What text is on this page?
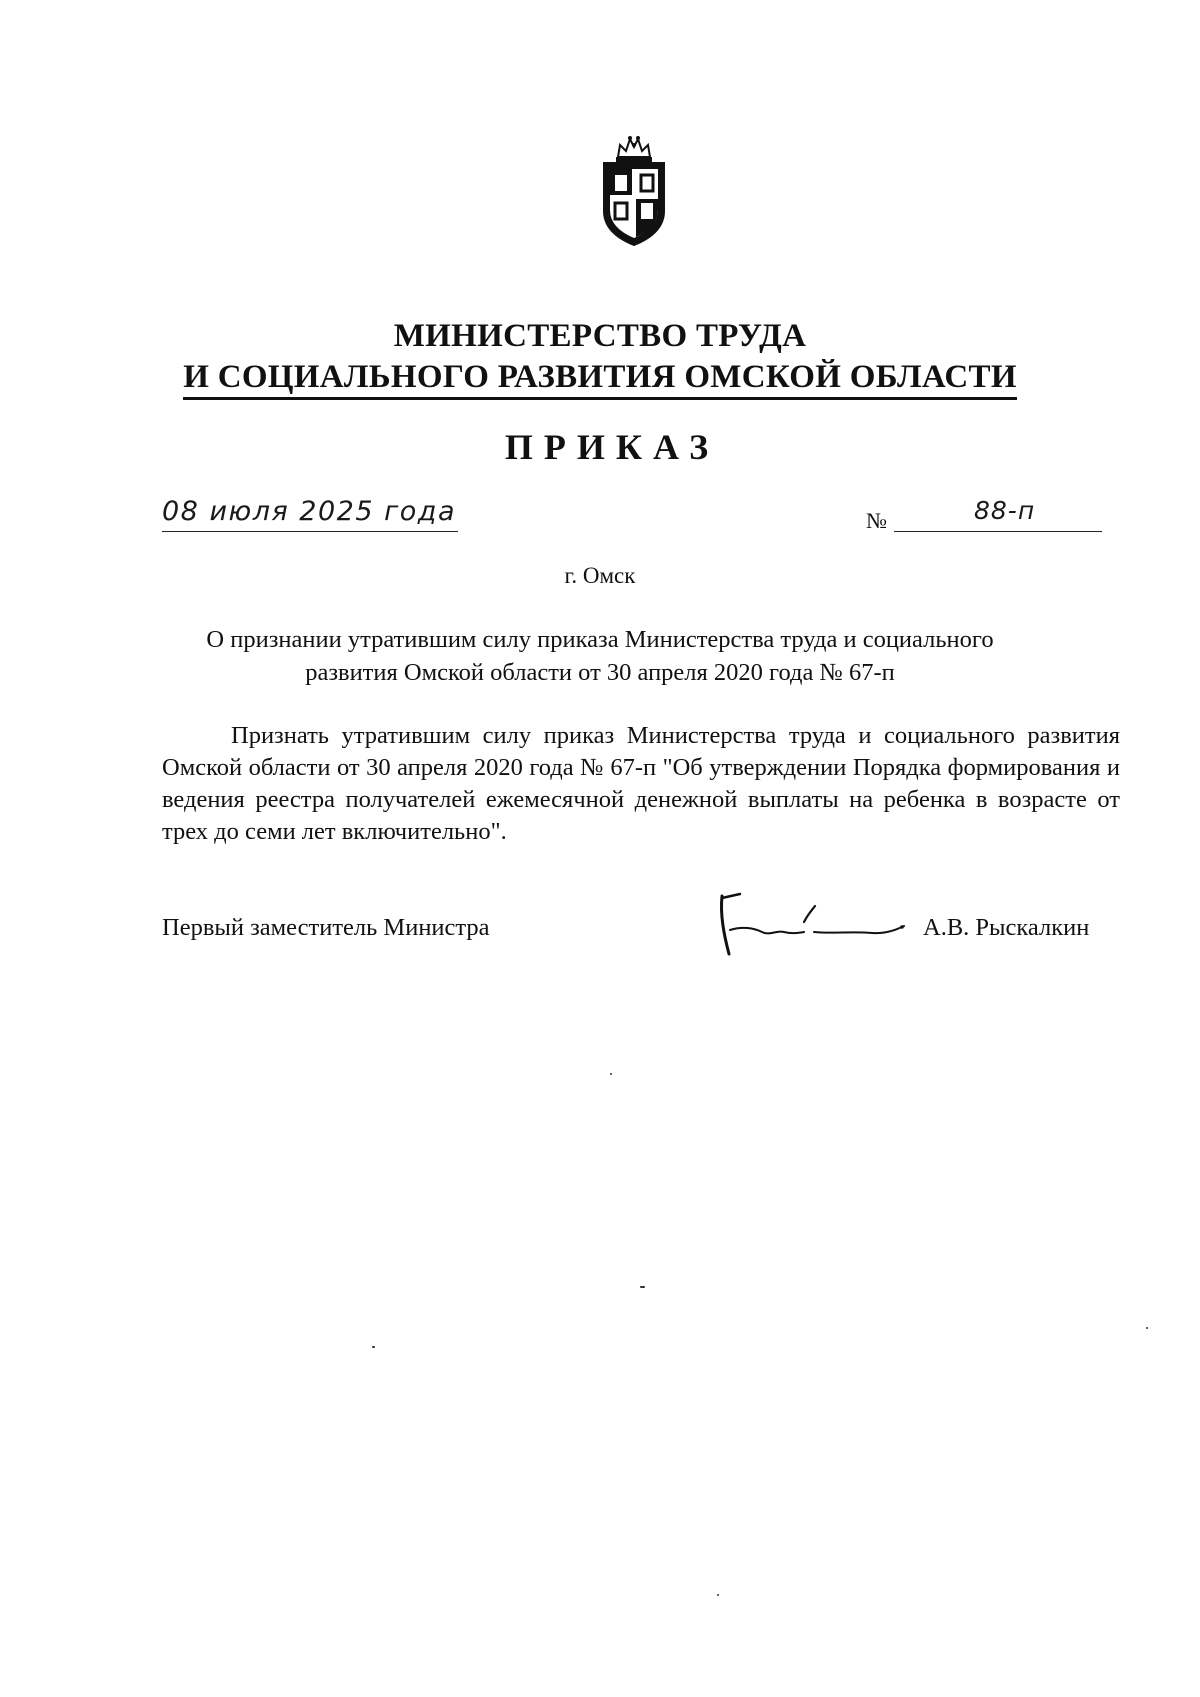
МИНИСТЕРСТВО ТРУДА
И СОЦИАЛЬНОГО РАЗВИТИЯ ОМСКОЙ ОБЛАСТИ
ПРИКАЗ
08 июля 2025 года	№	88-п
г. Омск
О признании утратившим силу приказа Министерства труда и социального
развития Омской области от 30 апреля 2020 года № 67-п
Признать утратившим силу приказ Министерства труда и социального развития Омской области от 30 апреля 2020 года № 67-п "Об утверждении Порядка формирования и ведения реестра получателей ежемесячной денежной выплаты на ребенка в возрасте от трех до семи лет включительно".
Первый заместитель Министра	А.В. Рыскалкин
